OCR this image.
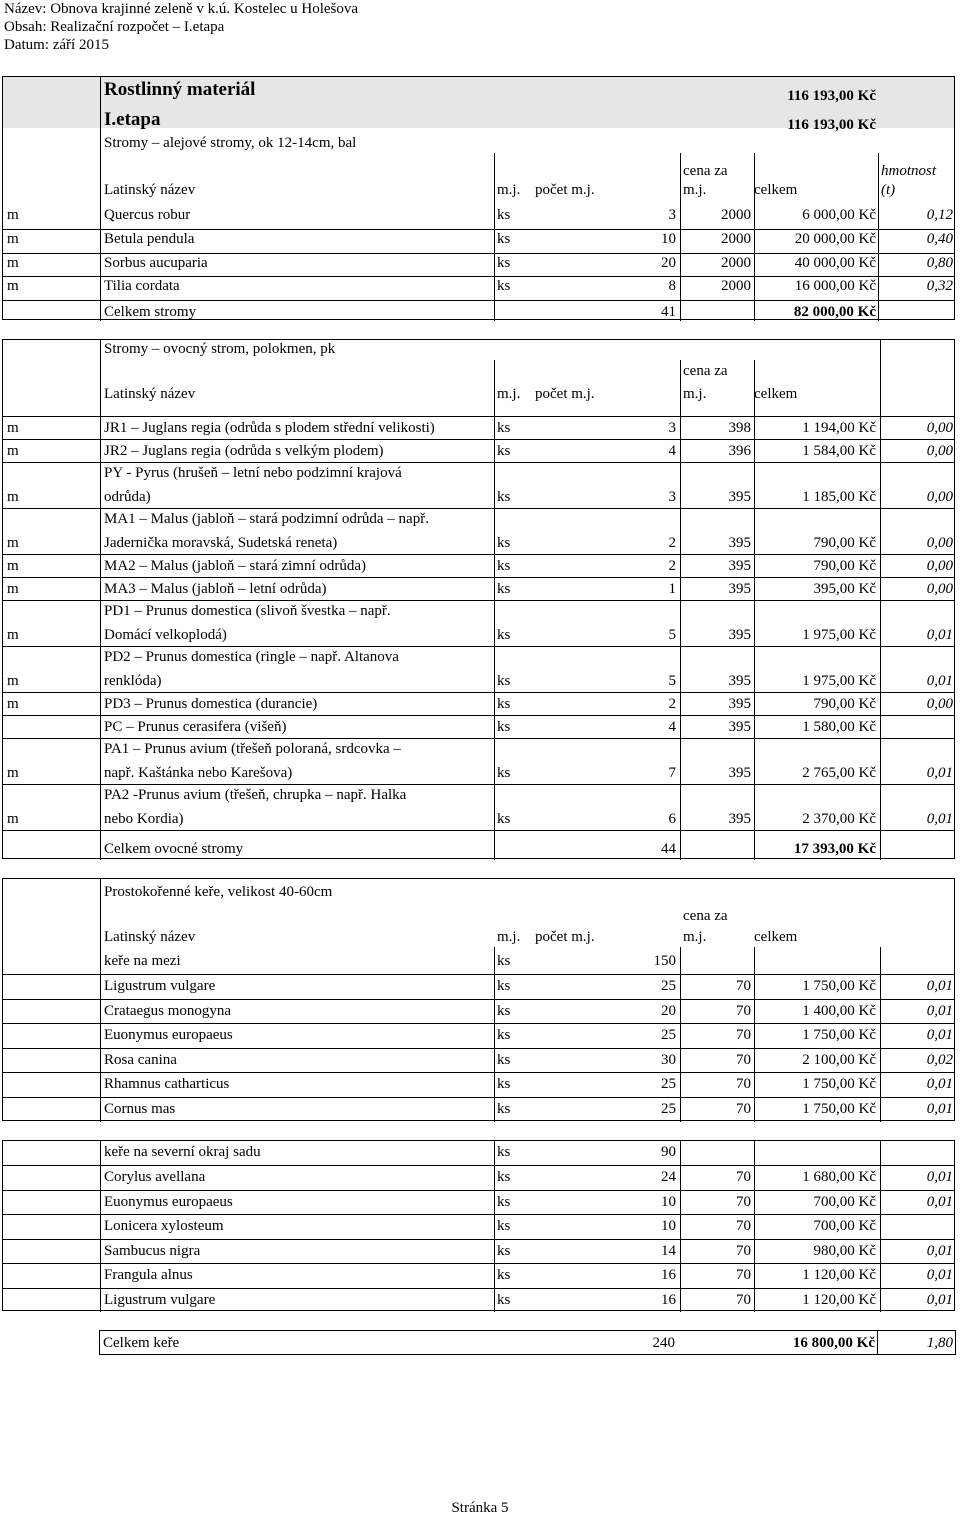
Název: Obnova krajinné zeleně v k.ú. Kostelec u Holešova
Obsah: Realizační rozpočet – I.etapa
Datum: září 2015
Rostlinný materiál	116 193,00 Kč
I.etapa	116 193,00 Kč
Stromy – alejové stromy, ok 12-14cm, bal
Latinský název	m.j. počet m.j.
cena za
m.j.	celkem
hmotnost
(t)
m	Quercus robur	ks	3	2000	6 000,00 Kč	0,12
m	Betula pendula	ks	10	2000	20 000,00 Kč	0,40
m	Sorbus aucuparia	ks	20	2000	40 000,00 Kč	0,80
m	Tilia cordata	ks	8	2000	16 000,00 Kč	0,32
Celkem stromy	41	82 000,00 Kč
Stromy – ovocný strom, polokmen, pk
Latinský název	m.j. počet m.j.
cena za
m.j.	celkem
m	JR1 – Juglans regia (odrůda s plodem střední velikosti)	ks	3	398	1 194,00 Kč	0,00
m	JR2 – Juglans regia (odrůda s velkým plodem)	ks	4	396	1 584,00 Kč	0,00
m
PY - Pyrus (hrušeň – letní nebo podzimní krajová
odrůda)	ks	3	395	1 185,00 Kč	0,00
m
MA1 – Malus (jabloň – stará podzimní odrůda – např.
Jadernička moravská, Sudetská reneta)	ks	2	395	790,00 Kč	0,00
m	MA2 – Malus (jabloň – stará zimní odrůda)	ks	2	395	790,00 Kč	0,00
m	MA3 – Malus (jabloň – letní odrůda)	ks	1	395	395,00 Kč	0,00
m
PD1 – Prunus domestica (slivoň švestka – např.
Domácí velkoplodá)	ks	5	395	1 975,00 Kč	0,01
m
PD2 – Prunus domestica (ringle – např. Altanova
renklóda)	ks	5	395	1 975,00 Kč	0,01
m	PD3 – Prunus domestica (durancie)	ks	2	395	790,00 Kč	0,00
PC – Prunus cerasifera (višeň)	ks	4	395	1 580,00 Kč
m
PA1 – Prunus avium (třešeň poloraná, srdcovka –
např. Kaštánka nebo Karešova)	ks	7	395	2 765,00 Kč	0,01
m
PA2 -Prunus avium (třešeň, chrupka – např. Halka
nebo Kordia)	ks	6	395	2 370,00 Kč	0,01
Celkem ovocné stromy	44	17 393,00 Kč
Prostokořenné keře, velikost 40-60cm
Latinský název	m.j. počet m.j.
cena za
m.j.	celkem
keře na mezi	ks	150
Ligustrum vulgare	ks	25	70	1 750,00 Kč	0,01
Crataegus monogyna	ks	20	70	1 400,00 Kč	0,01
Euonymus europaeus	ks	25	70	1 750,00 Kč	0,01
Rosa canina	ks	30	70	2 100,00 Kč	0,02
Rhamnus catharticus	ks	25	70	1 750,00 Kč	0,01
Cornus mas	ks	25	70	1 750,00 Kč	0,01
keře na severní okraj sadu	ks	90
Corylus avellana	ks	24	70	1 680,00 Kč	0,01
Euonymus europaeus	ks	10	70	700,00 Kč	0,01
Lonicera xylosteum	ks	10	70	700,00 Kč
Sambucus nigra	ks	14	70	980,00 Kč	0,01
Frangula alnus	ks	16	70	1 120,00 Kč	0,01
Ligustrum vulgare	ks	16	70	1 120,00 Kč	0,01
Celkem keře	240	16 800,00 Kč	1,80
Stránka 5
